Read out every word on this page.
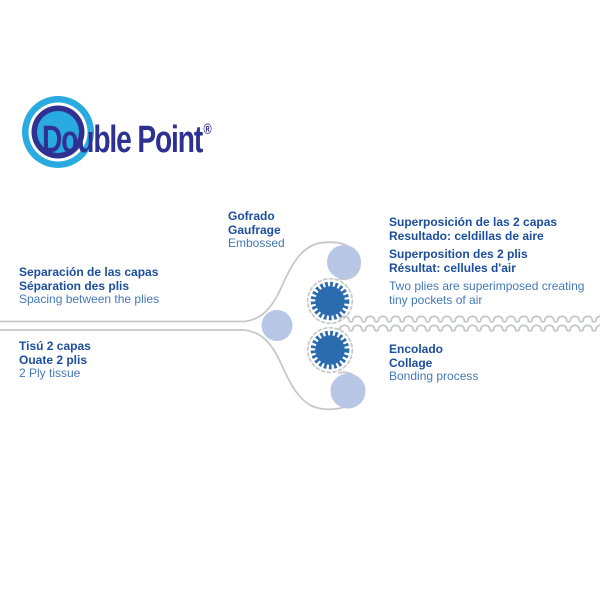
Double Point®
Gofrado
Gaufrage
Embossed

Superposición de las 2 capas
Resultado: celdillas de aire

Superposition des 2 plis
Résultat: cellules d'air

Two plies are superimposed creating
tiny pockets of air

Separación de las capas
Séparation des plis
Spacing between the plies
Tisú 2 capas
Ouate 2 plis
2 Ply tissue
Encolado
Collage
Bonding process
